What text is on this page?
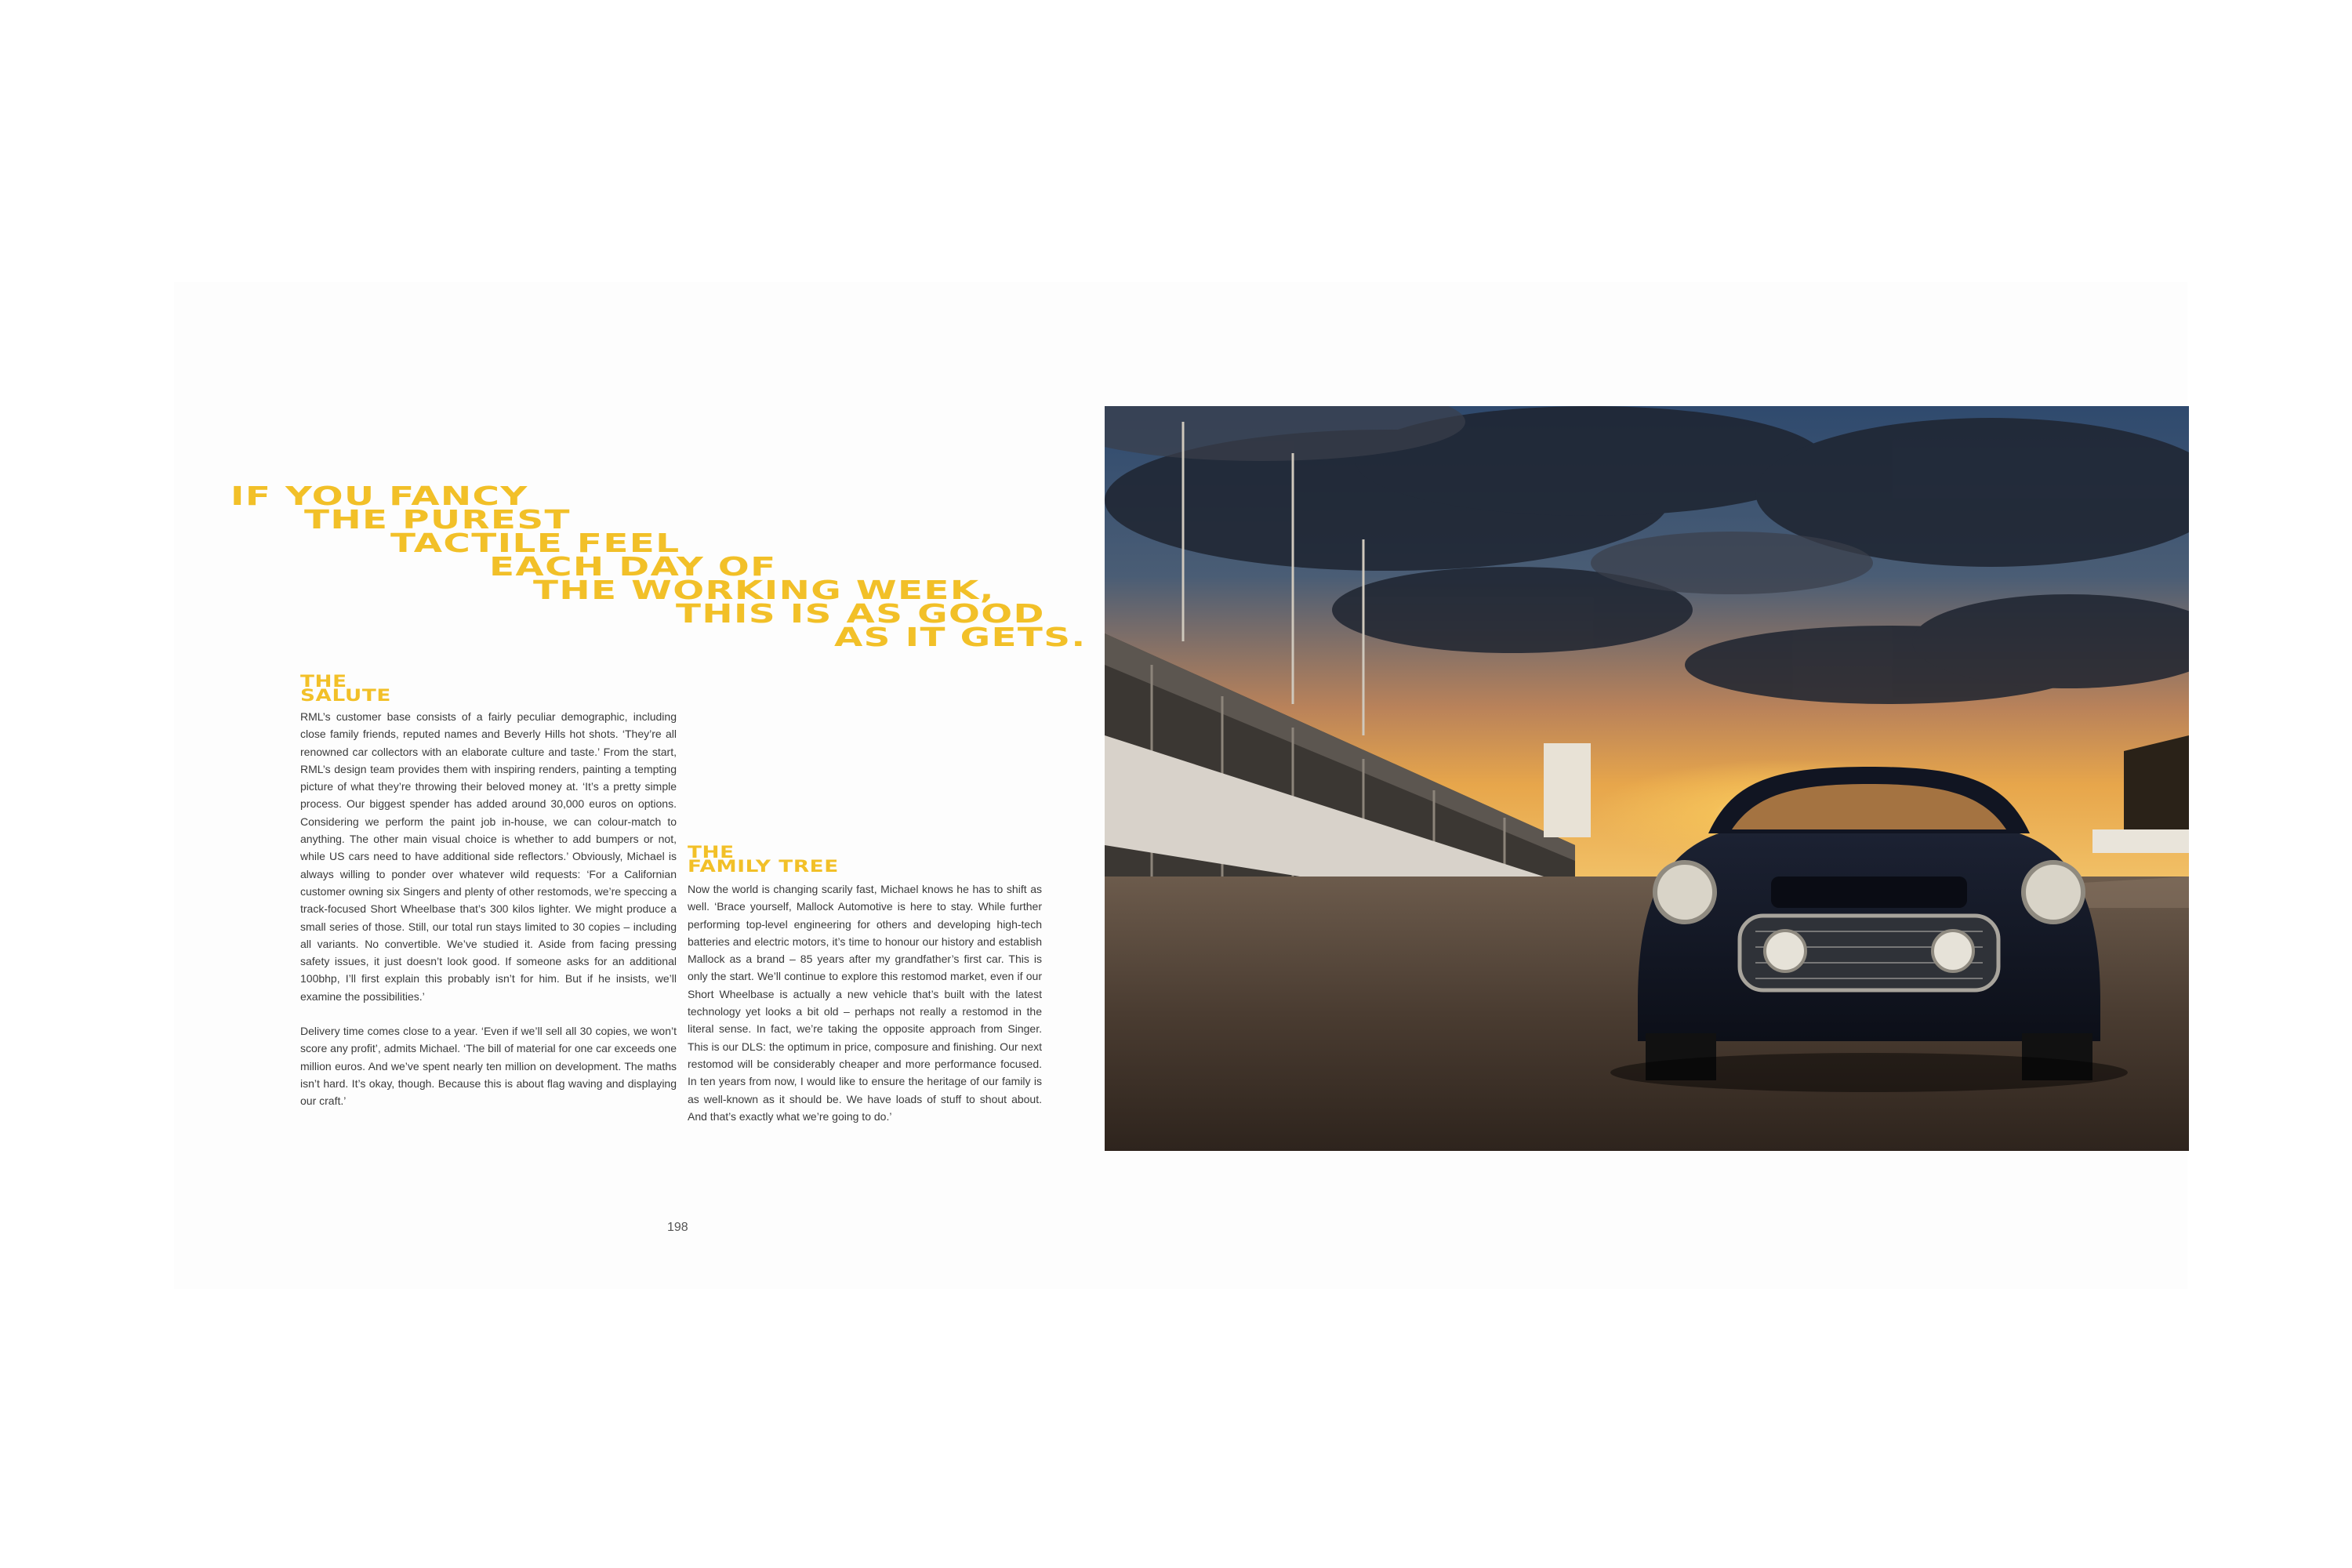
IF YOU FANCY
THE PUREST
TACTILE FEEL
EACH DAY OF
THE WORKING WEEK,
THIS IS AS GOOD
AS IT GETS.
THE
SALUTE

RML’s customer base consists of a fairly peculiar demographic, including close family friends, reputed names and Beverly Hills hot shots. ‘They’re all renowned car collectors with an elaborate culture and taste.’ From the start, RML’s design team provides them with inspiring renders, painting a tempting picture of what they’re throwing their beloved money at. ‘It’s a pretty simple process. Our biggest spender has added around 30,000 euros on options. Considering we perform the paint job in-house, we can colour-match to anything. The other main visual choice is whether to add bumpers or not, while US cars need to have additional side reflectors.’ Obviously, Michael is always willing to ponder over whatever wild requests: ‘For a Californian customer owning six Singers and plenty of other restomods, we’re speccing a track-focused Short Wheelbase that’s 300 kilos lighter. We might produce a small series of those. Still, our total run stays limited to 30 copies – including all variants. No convertible. We’ve studied it. Aside from facing pressing safety issues, it just doesn’t look good. If someone asks for an additional 100bhp, I’ll first explain this probably isn’t for him. But if he insists, we’ll examine the possibilities.’

Delivery time comes close to a year. ‘Even if we’ll sell all 30 copies, we won’t score any profit’, admits Michael. ‘The bill of material for one car exceeds one million euros. And we’ve spent nearly ten million on development. The maths isn’t hard. It’s okay, though. Because this is about flag waving and displaying our craft.’

THE
FAMILY TREE

Now the world is changing scarily fast, Michael knows he has to shift as well. ‘Brace yourself, Mallock Automotive is here to stay. While further performing top-level engineering for others and developing high-tech batteries and electric motors, it’s time to honour our history and establish Mallock as a brand – 85 years after my grandfather’s first car. This is only the start. We’ll continue to explore this restomod market, even if our Short Wheelbase is actually a new vehicle that’s built with the latest technology yet looks a bit old – perhaps not really a restomod in the literal sense. In fact, we’re taking the opposite approach from Singer. This is our DLS: the optimum in price, composure and finishing. Our next restomod will be considerably cheaper and more performance focused. In ten years from now, I would like to ensure the heritage of our family is as well-known as it should be. We have loads of stuff to shout about. And that’s exactly what we’re going to do.’

198
